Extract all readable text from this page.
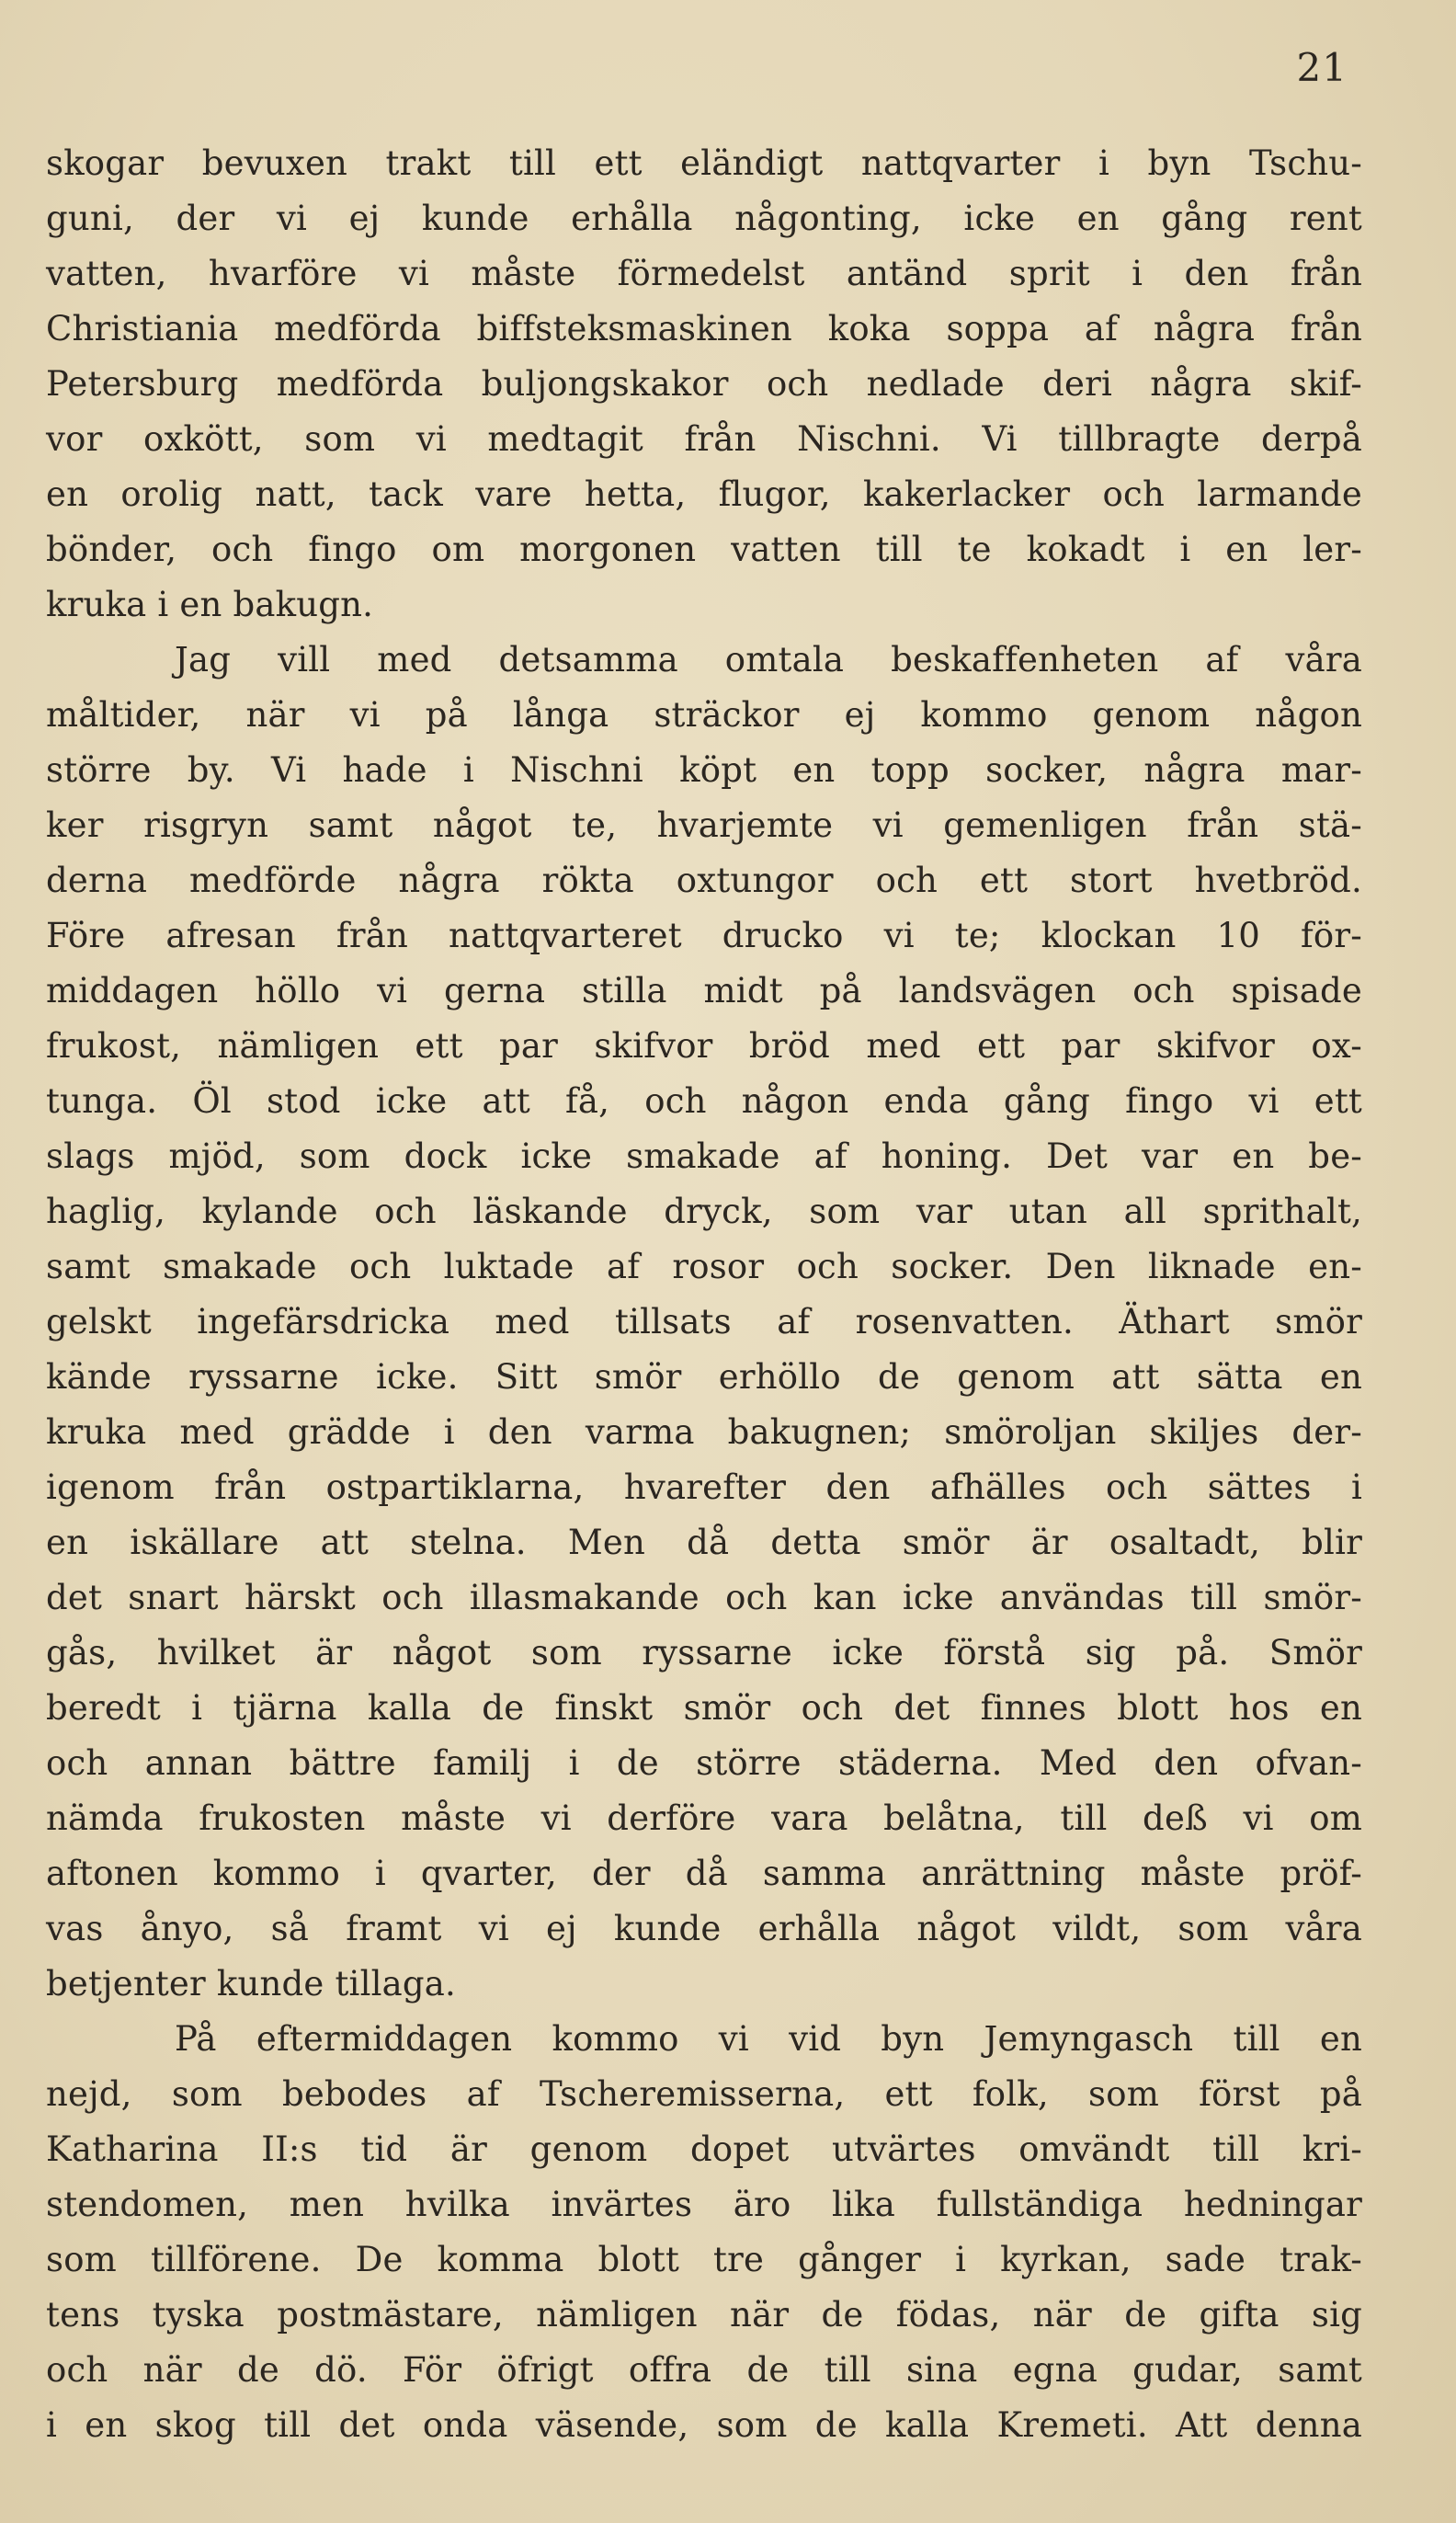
21
skogar bevuxen trakt till ett eländigt nattqvarter i byn Tschu-
guni, der vi ej kunde erhålla någonting, icke en gång rent
vatten, hvarföre vi måste förmedelst antänd sprit i den från
Christiania medförda biffsteksmaskinen koka soppa af några från
Petersburg medförda buljongskakor och nedlade deri några skif-
vor oxkött, som vi medtagit från Nischni. Vi tillbragte derpå
en orolig natt, tack vare hetta, flugor, kakerlacker och larmande
bönder, och fingo om morgonen vatten till te kokadt i en ler-
kruka i en bakugn.
Jag vill med detsamma omtala beskaffenheten af våra
måltider, när vi på långa sträckor ej kommo genom någon
större by. Vi hade i Nischni köpt en topp socker, några mar-
ker risgryn samt något te, hvarjemte vi gemenligen från stä-
derna medförde några rökta oxtungor och ett stort hvetbröd.
Före afresan från nattqvarteret drucko vi te; klockan 10 för-
middagen höllo vi gerna stilla midt på landsvägen och spisade
frukost, nämligen ett par skifvor bröd med ett par skifvor ox-
tunga. Öl stod icke att få, och någon enda gång fingo vi ett
slags mjöd, som dock icke smakade af honing. Det var en be-
haglig, kylande och läskande dryck, som var utan all sprithalt,
samt smakade och luktade af rosor och socker. Den liknade en-
gelskt ingefärsdricka med tillsats af rosenvatten. Äthart smör
kände ryssarne icke. Sitt smör erhöllo de genom att sätta en
kruka med gräddе i den varma bakugnen; smöroljan skiljes der-
igenom från ostpartiklarna, hvarefter den afhälles och sättes i
en iskällare att stelna. Men då detta smör är osaltadt, blir
det snart härskt och illasmakande och kan icke användas till smör-
gås, hvilket är något som ryssarne icke förstå sig på. Smör
beredt i tjärna kalla de finskt smör och det finnes blott hos en
och annan bättre familj i de större städerna. Med den ofvan-
nämda frukosten måste vi derföre vara belåtna, till deß vi om
aftonen kommo i qvarter, der då samma anrättning måste pröf-
vas ånyo, så framt vi ej kunde erhålla något vildt, som våra
betjenter kunde tillaga.
På eftermiddagen kommo vi vid byn Jemyngasch till en
nejd, som bebodes af Tscheremisserna, ett folk, som först på
Katharina II:s tid är genom dopet utvärtes omvändt till kri-
stendomen, men hvilka invärtes äro lika fullständiga hedningar
som tillförene. De komma blott tre gånger i kyrkan, sade trak-
tens tyska postmästare, nämligen när de födas, när de gifta sig
och när de dö. För öfrigt offra de till sina egna gudar, samt
i en skog till det onda väsende, som de kalla Kremeti. Att denna
